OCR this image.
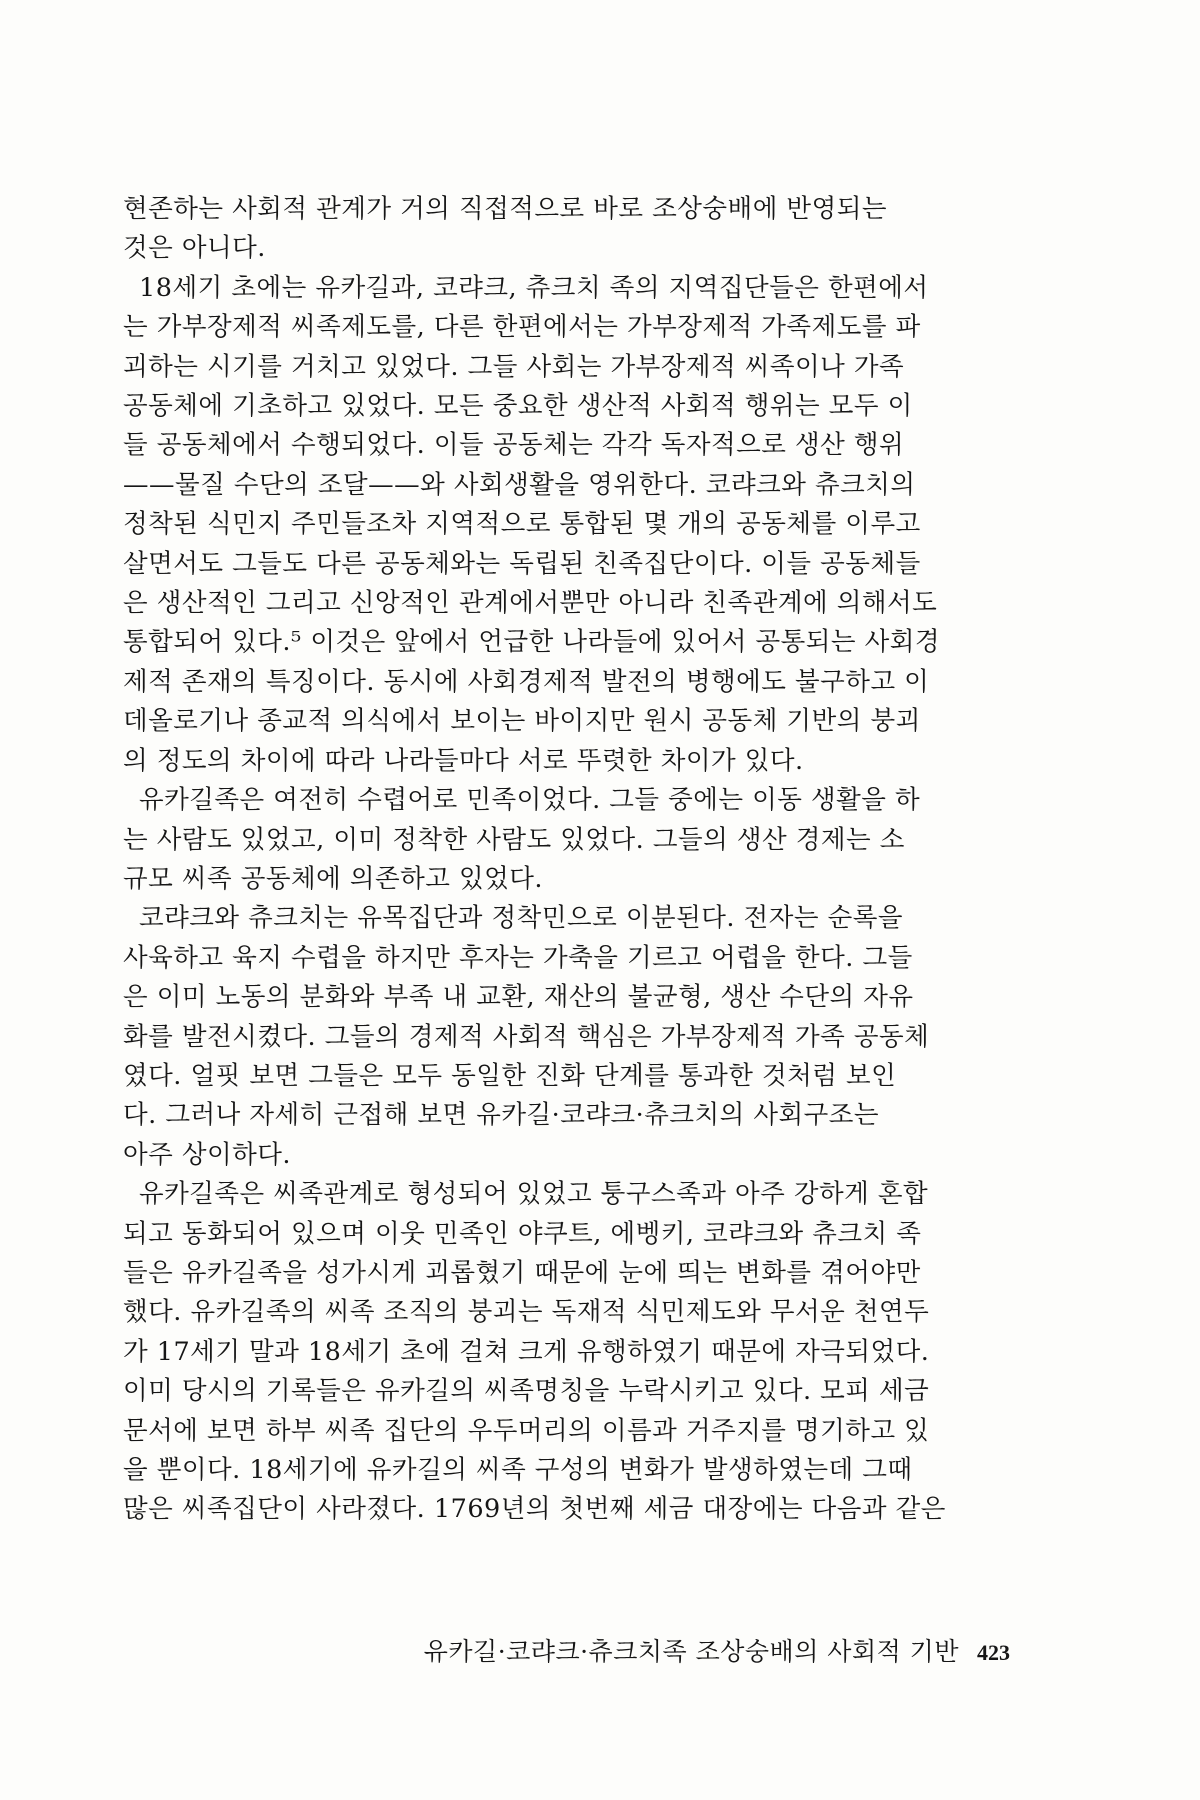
현존하는 사회적 관계가 거의 직접적으로 바로 조상숭배에 반영되는
것은 아니다.

18세기 초에는 유카길과, 코랴크, 츄크치 족의 지역집단들은 한편에서
는 가부장제적 씨족제도를, 다른 한편에서는 가부장제적 가족제도를 파
괴하는 시기를 거치고 있었다. 그들 사회는 가부장제적 씨족이나 가족
공동체에 기초하고 있었다. 모든 중요한 생산적 사회적 행위는 모두 이
들 공동체에서 수행되었다. 이들 공동체는 각각 독자적으로 생산 행위
——물질 수단의 조달——와 사회생활을 영위한다. 코랴크와 츄크치의
정착된 식민지 주민들조차 지역적으로 통합된 몇 개의 공동체를 이루고
살면서도 그들도 다른 공동체와는 독립된 친족집단이다. 이들 공동체들
은 생산적인 그리고 신앙적인 관계에서뿐만 아니라 친족관계에 의해서도
통합되어 있다.⁵ 이것은 앞에서 언급한 나라들에 있어서 공통되는 사회경
제적 존재의 특징이다. 동시에 사회경제적 발전의 병행에도 불구하고 이
데올로기나 종교적 의식에서 보이는 바이지만 원시 공동체 기반의 붕괴
의 정도의 차이에 따라 나라들마다 서로 뚜렷한 차이가 있다.

유카길족은 여전히 수렵어로 민족이었다. 그들 중에는 이동 생활을 하
는 사람도 있었고, 이미 정착한 사람도 있었다. 그들의 생산 경제는 소
규모 씨족 공동체에 의존하고 있었다.

코랴크와 츄크치는 유목집단과 정착민으로 이분된다. 전자는 순록을
사육하고 육지 수렵을 하지만 후자는 가축을 기르고 어렵을 한다. 그들
은 이미 노동의 분화와 부족 내 교환, 재산의 불균형, 생산 수단의 자유
화를 발전시켰다. 그들의 경제적 사회적 핵심은 가부장제적 가족 공동체
였다. 얼핏 보면 그들은 모두 동일한 진화 단계를 통과한 것처럼 보인
다. 그러나 자세히 근접해 보면 유카길·코랴크·츄크치의 사회구조는
아주 상이하다.

유카길족은 씨족관계로 형성되어 있었고 퉁구스족과 아주 강하게 혼합
되고 동화되어 있으며 이웃 민족인 야쿠트, 에벵키, 코랴크와 츄크치 족
들은 유카길족을 성가시게 괴롭혔기 때문에 눈에 띄는 변화를 겪어야만
했다. 유카길족의 씨족 조직의 붕괴는 독재적 식민제도와 무서운 천연두
가 17세기 말과 18세기 초에 걸쳐 크게 유행하였기 때문에 자극되었다.
이미 당시의 기록들은 유카길의 씨족명칭을 누락시키고 있다. 모피 세금
문서에 보면 하부 씨족 집단의 우두머리의 이름과 거주지를 명기하고 있
을 뿐이다. 18세기에 유카길의 씨족 구성의 변화가 발생하였는데 그때
많은 씨족집단이 사라졌다. 1769년의 첫번째 세금 대장에는 다음과 같은

유카길·코랴크·츄크치족 조상숭배의 사회적 기반 423
